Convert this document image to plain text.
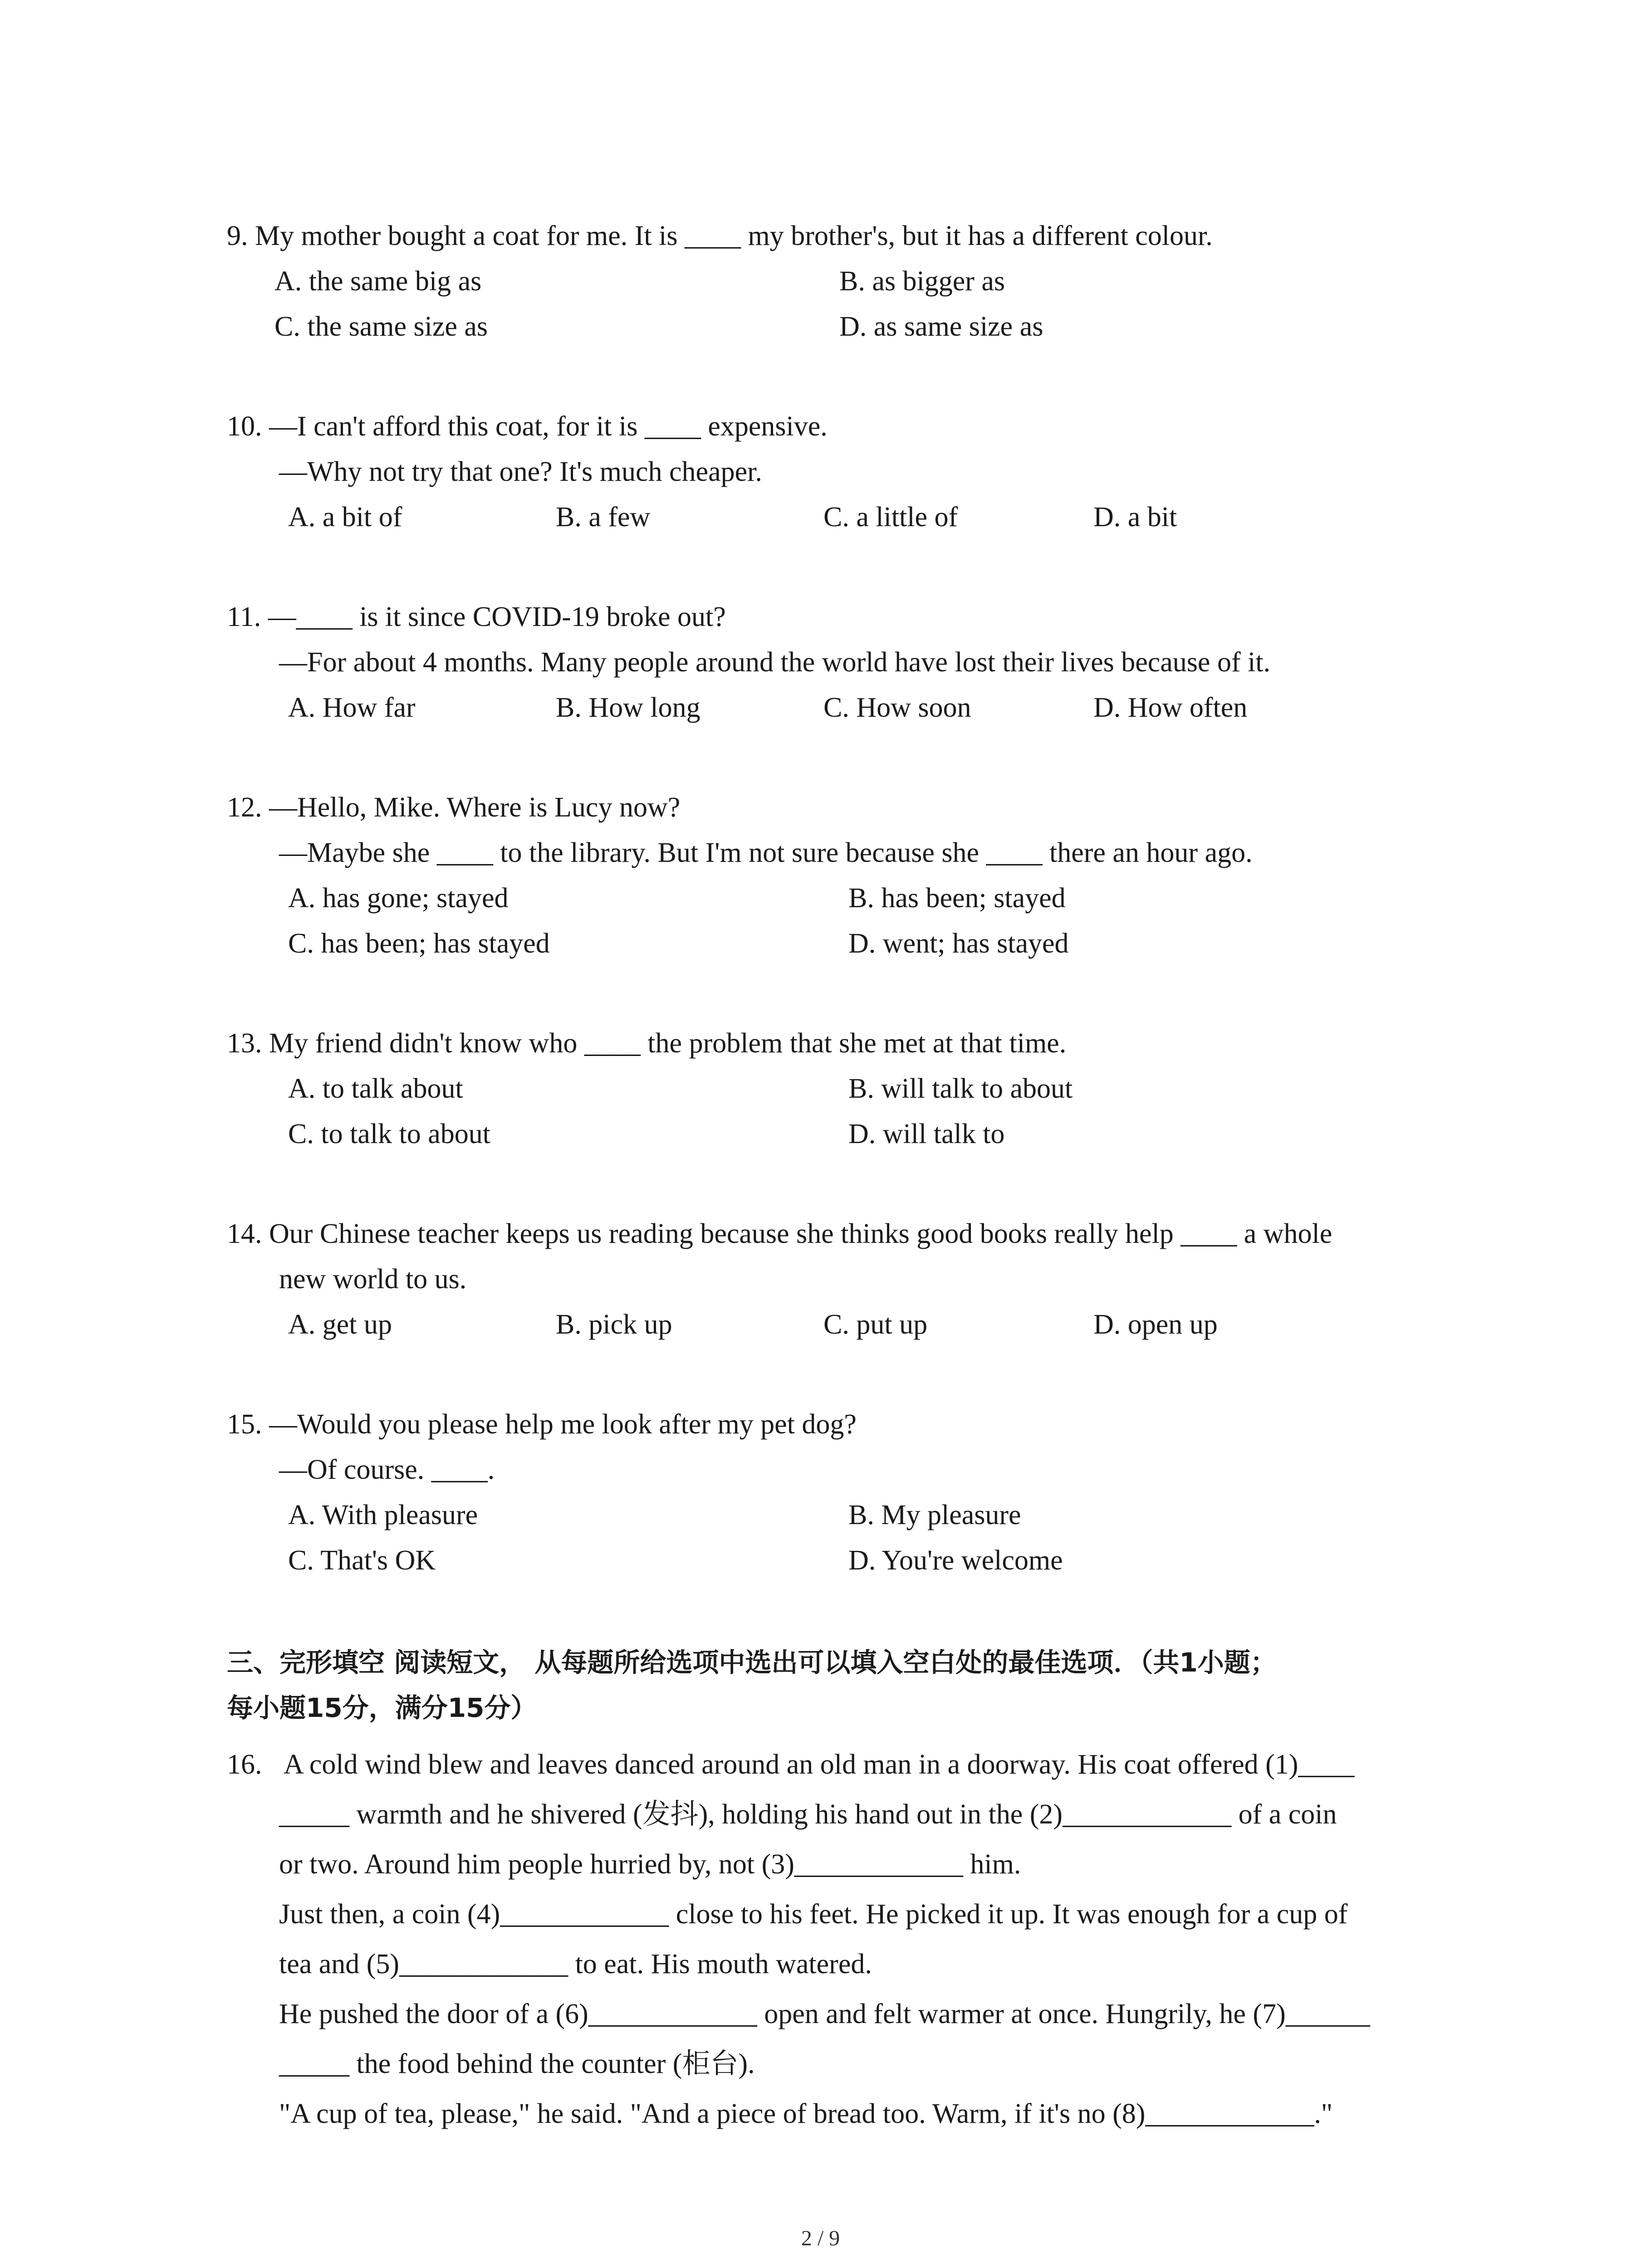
9. My mother bought a coat for me. It is ____ my brother's, but it has a different colour.
A. the same big as	B. as bigger as
C. the same size as	D. as same size as
10. —I can't afford this coat, for it is ____ expensive.
—Why not try that one? It's much cheaper.
A. a bit of	B. a few	C. a little of	D. a bit
11. —____ is it since COVID-19 broke out?
—For about 4 months. Many people around the world have lost their lives because of it.
A. How far	B. How long	C. How soon	D. How often
12. —Hello, Mike. Where is Lucy now?
—Maybe she ____ to the library. But I'm not sure because she ____ there an hour ago.
A. has gone; stayed	B. has been; stayed
C. has been; has stayed	D. went; has stayed
13. My friend didn't know who ____ the problem that she met at that time.
A. to talk about	B. will talk to about
C. to talk to about	D. will talk to
14. Our Chinese teacher keeps us reading because she thinks good books really help ____ a whole
new world to us.
A. get up	B. pick up	C. put up	D. open up
15. —Would you please help me look after my pet dog?
—Of course. ____.
A. With pleasure	B. My pleasure
C. That's OK	D. You're welcome
三、完形填空 阅读短文， 从每题所给选项中选出可以填入空白处的最佳选项．（共1小题；
每小题15分，满分15分）
16. A cold wind blew and leaves danced around an old man in a doorway. His coat offered (1)____
_____ warmth and he shivered (发抖), holding his hand out in the (2)____________ of a coin
or two. Around him people hurried by, not (3)____________ him.
Just then, a coin (4)____________ close to his feet. He picked it up. It was enough for a cup of
tea and (5)____________ to eat. His mouth watered.
He pushed the door of a (6)____________ open and felt warmer at once. Hungrily, he (7)______
_____ the food behind the counter (柜台).
"A cup of tea, please," he said. "And a piece of bread too. Warm, if it's no (8)____________."
2 / 9
